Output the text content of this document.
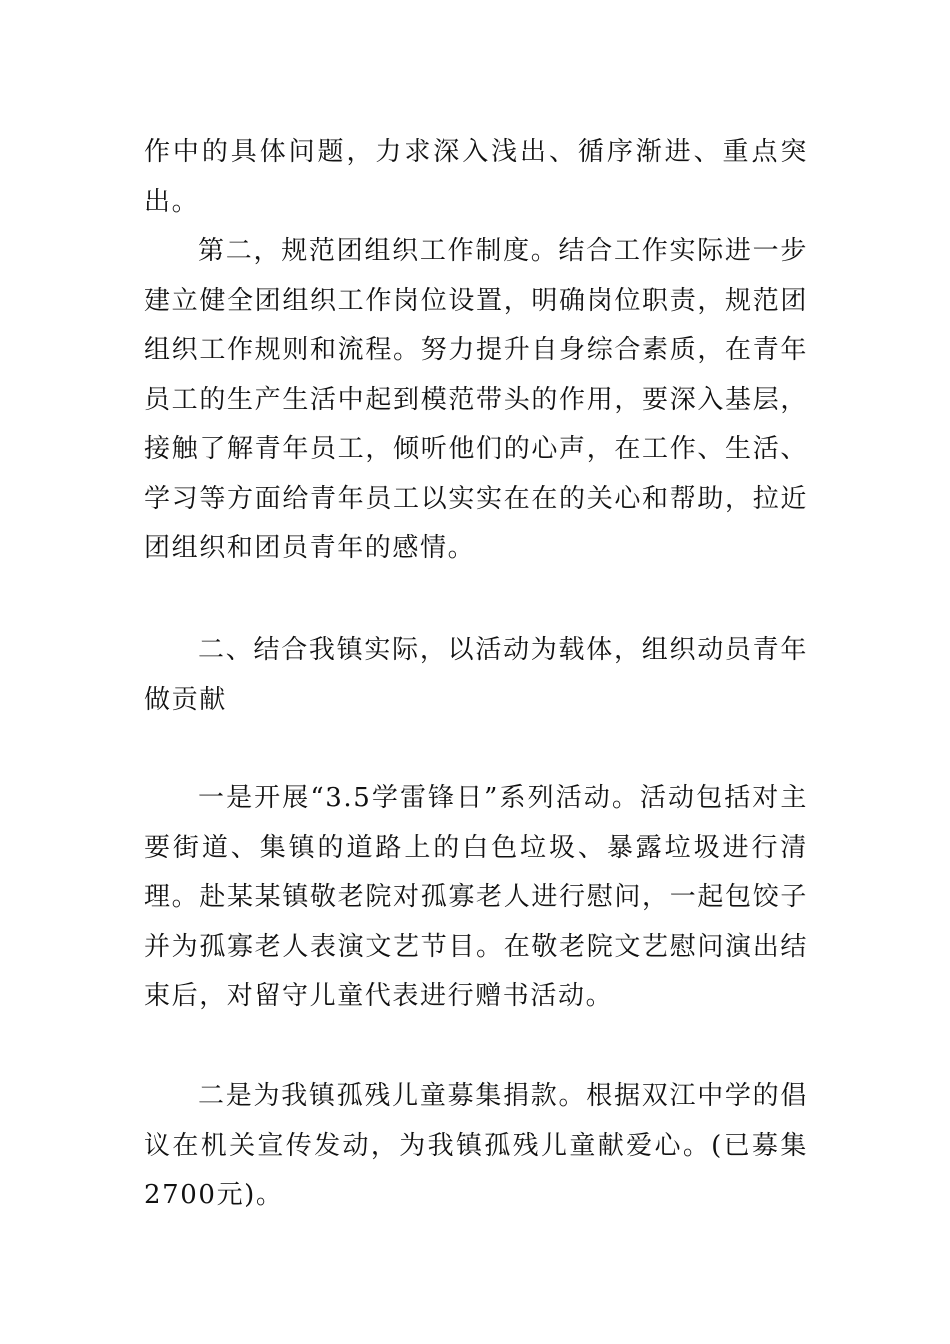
作中的具体问题，力求深入浅出、循序渐进、重点突出。

第二，规范团组织工作制度。结合工作实际进一步建立健全团组织工作岗位设置，明确岗位职责，规范团组织工作规则和流程。努力提升自身综合素质，在青年员工的生产生活中起到模范带头的作用，要深入基层，接触了解青年员工，倾听他们的心声，在工作、生活、学习等方面给青年员工以实实在在的关心和帮助，拉近团组织和团员青年的感情。

二、结合我镇实际，以活动为载体，组织动员青年做贡献

一是开展“3.5学雷锋日”系列活动。活动包括对主要街道、集镇的道路上的白色垃圾、暴露垃圾进行清理。赴某某镇敬老院对孤寡老人进行慰问，一起包饺子并为孤寡老人表演文艺节目。在敬老院文艺慰问演出结束后，对留守儿童代表进行赠书活动。

二是为我镇孤残儿童募集捐款。根据双江中学的倡议在机关宣传发动，为我镇孤残儿童献爱心。(已募集2700元)。
